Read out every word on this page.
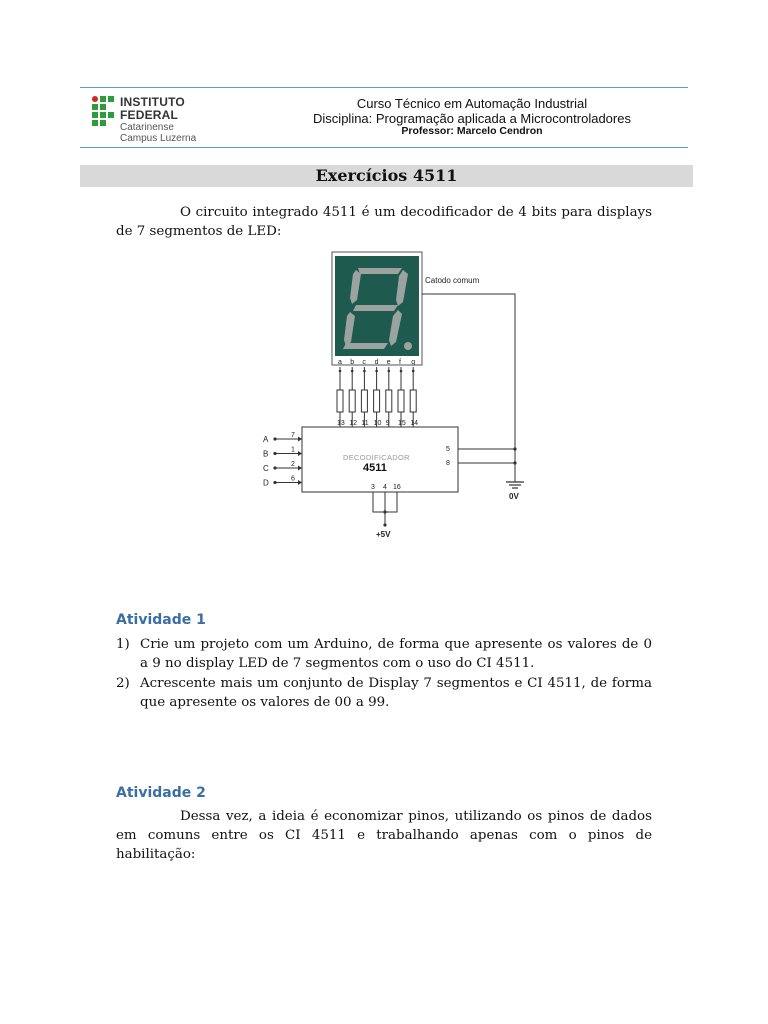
INSTITUTO FEDERAL
Catarinense
Campus Luzerna
Curso Técnico em Automação Industrial
Disciplina: Programação aplicada a Microcontroladores
Professor: Marcelo Cendron
Exercícios 4511
O circuito integrado 4511 é um decodificador de 4 bits para displays de 7 segmentos de LED:
Catodo comum
a b c d e f g
13 12 11 10 9 15 14
DECODIFICADOR
4511
A	7
B	1
C	2
D	6
5
8
0V
3 4 16
+5V
Atividade 1
1) Crie um projeto com um Arduino, de forma que apresente os valores de 0 a 9 no display LED de 7 segmentos com o uso do CI 4511.
2) Acrescente mais um conjunto de Display 7 segmentos e CI 4511, de forma que apresente os valores de 00 a 99.
Atividade 2
Dessa vez, a ideia é economizar pinos, utilizando os pinos de dados em comuns entre os CI 4511 e trabalhando apenas com o pinos de habilitação:
